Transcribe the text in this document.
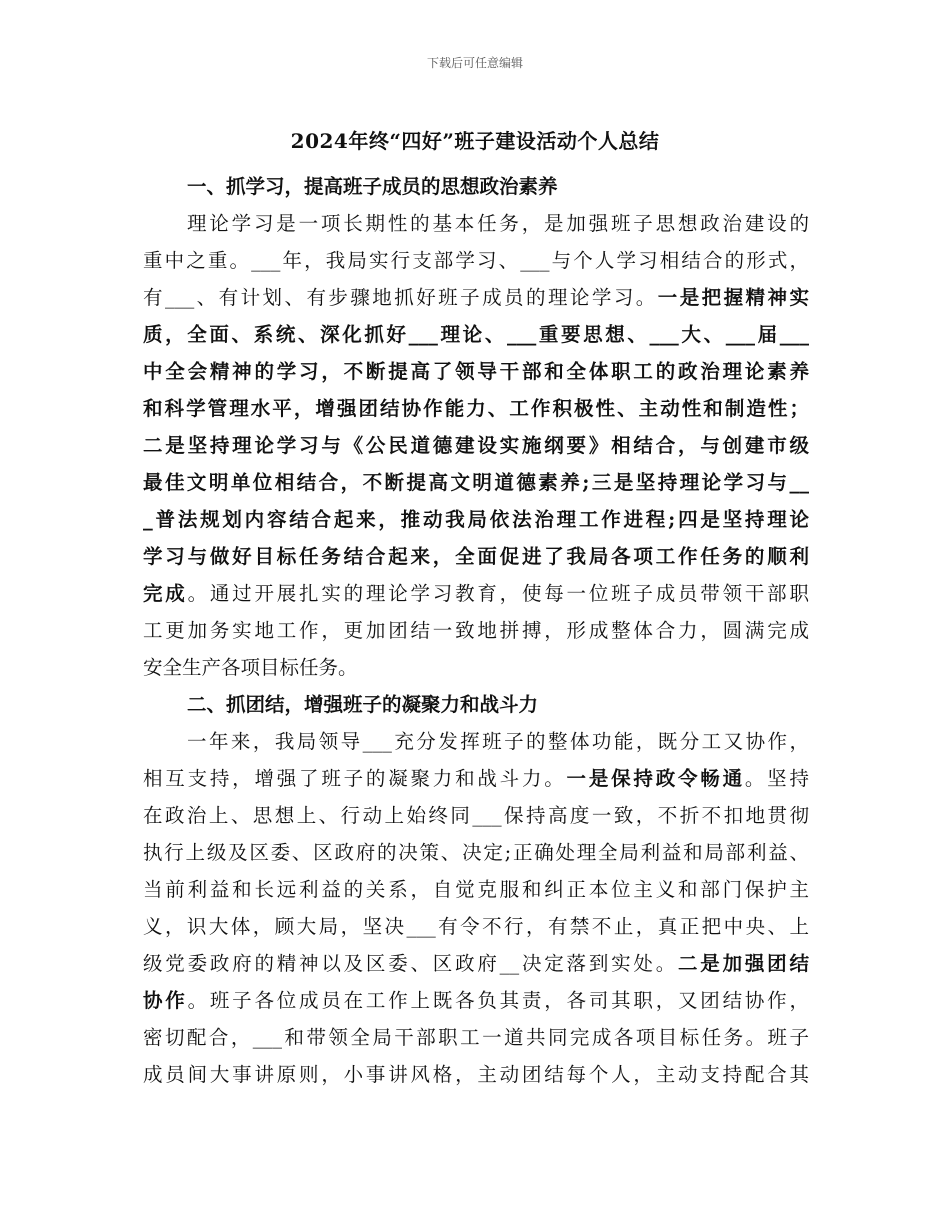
下载后可任意编辑
2024年终“四好”班子建设活动个人总结
一、抓学习，提高班子成员的思想政治素养
理论学习是一项长期性的基本任务，是加强班子思想政治建设的
重中之重。___年，我局实行支部学习、___与个人学习相结合的形式，
有___、有计划、有步骤地抓好班子成员的理论学习。一是把握精神实
质，全面、系统、深化抓好___理论、___重要思想、___大、___届___
中全会精神的学习，不断提高了领导干部和全体职工的政治理论素养
和科学管理水平，增强团结协作能力、工作积极性、主动性和制造性；
二是坚持理论学习与《公民道德建设实施纲要》相结合，与创建市级
最佳文明单位相结合，不断提高文明道德素养;三是坚持理论学习与__
_普法规划内容结合起来，推动我局依法治理工作进程;四是坚持理论
学习与做好目标任务结合起来，全面促进了我局各项工作任务的顺利
完成。通过开展扎实的理论学习教育，使每一位班子成员带领干部职
工更加务实地工作，更加团结一致地拼搏，形成整体合力，圆满完成
安全生产各项目标任务。
二、抓团结，增强班子的凝聚力和战斗力
一年来，我局领导___充分发挥班子的整体功能，既分工又协作，
相互支持，增强了班子的凝聚力和战斗力。一是保持政令畅通。坚持
在政治上、思想上、行动上始终同___保持高度一致，不折不扣地贯彻
执行上级及区委、区政府的决策、决定;正确处理全局利益和局部利益、
当前利益和长远利益的关系，自觉克服和纠正本位主义和部门保护主
义，识大体，顾大局，坚决___有令不行，有禁不止，真正把中央、上
级党委政府的精神以及区委、区政府__决定落到实处。二是加强团结
协作。班子各位成员在工作上既各负其责，各司其职，又团结协作，
密切配合，___和带领全局干部职工一道共同完成各项目标任务。班子
成员间大事讲原则，小事讲风格，主动团结每个人，主动支持配合其
